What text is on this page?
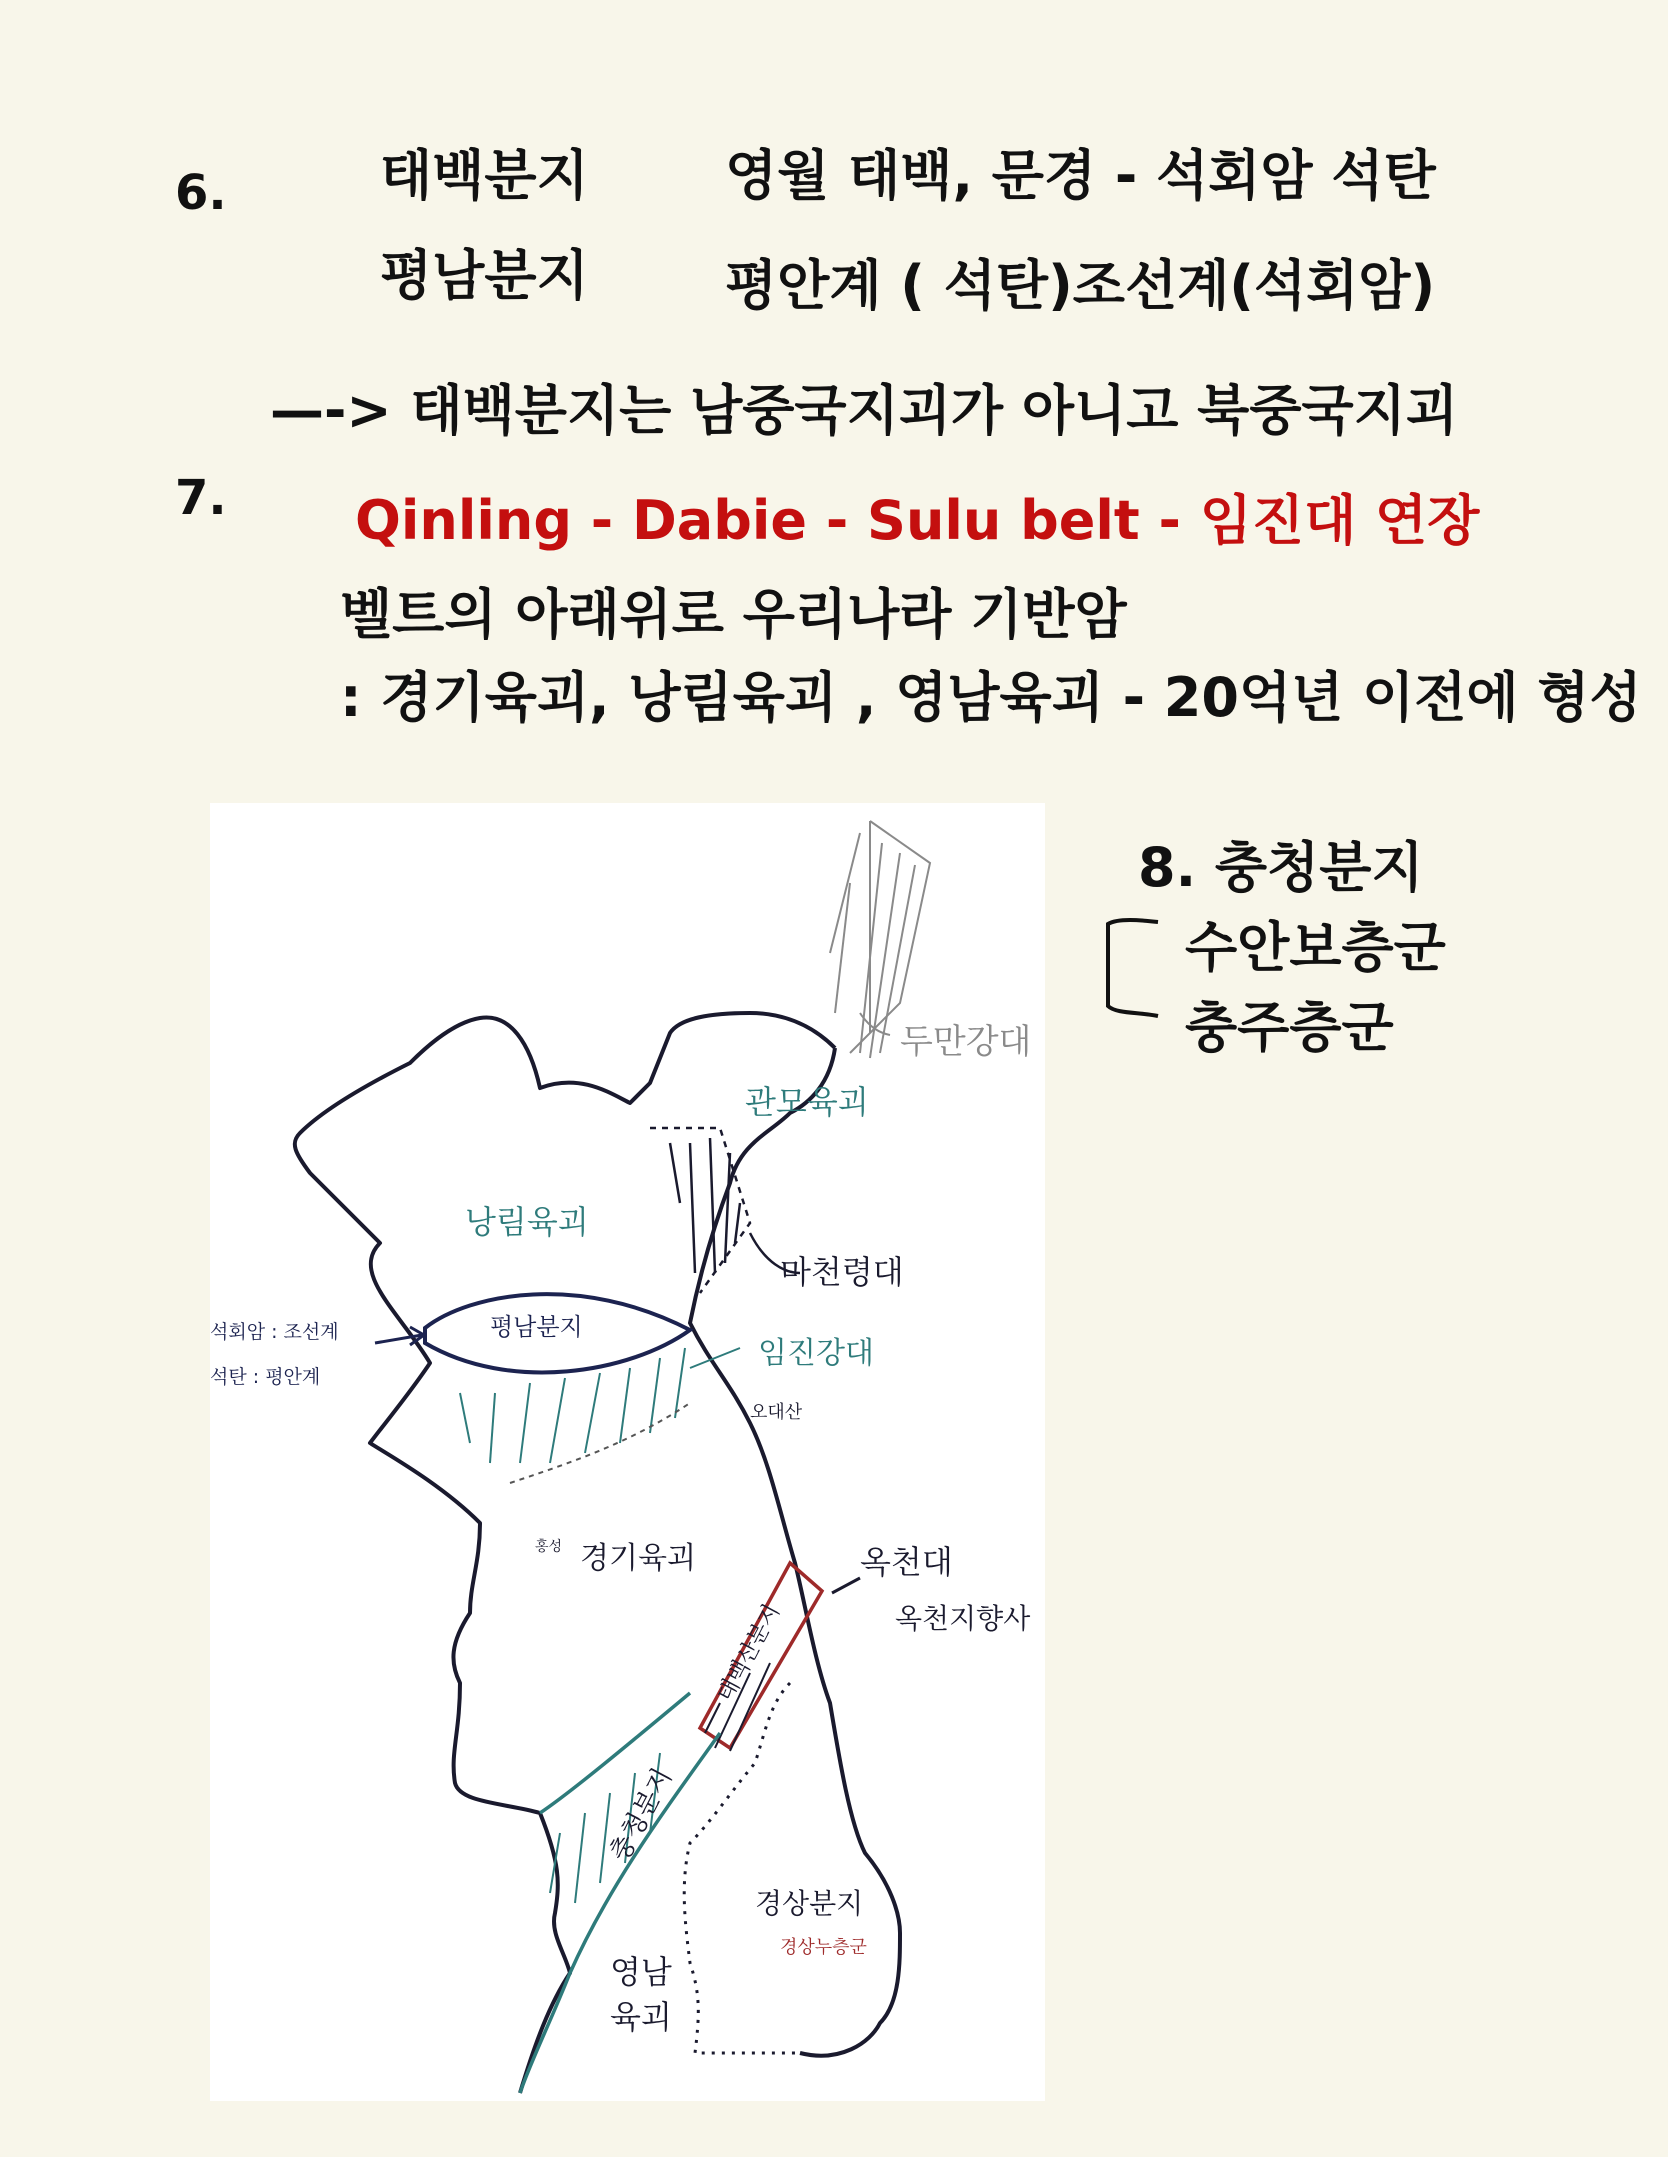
6.	태백분지	영월 태백, 문경 - 석회암 석탄
평남분지	평안계 ( 석탄)조선계(석회암)
—-> 태백분지는 남중국지괴가 아니고 북중국지괴
7. Qinling - Dabie - Sulu belt - 임진대 연장
벨트의 아래위로 우리나라 기반암
: 경기육괴, 낭림육괴 , 영남육괴 - 20억년 이전에 형성
8. 충청분지
수안보층군
충주층군
두만강대
관모육괴
낭림육괴
마천령대
평남분지
임진강대
오대산
석회암 : 조선계
석탄 : 평안계
홍성 경기육괴	옥천대
옥천지향사
태백산분지
충청분지
경상분지
경상누층군
영남
육괴
